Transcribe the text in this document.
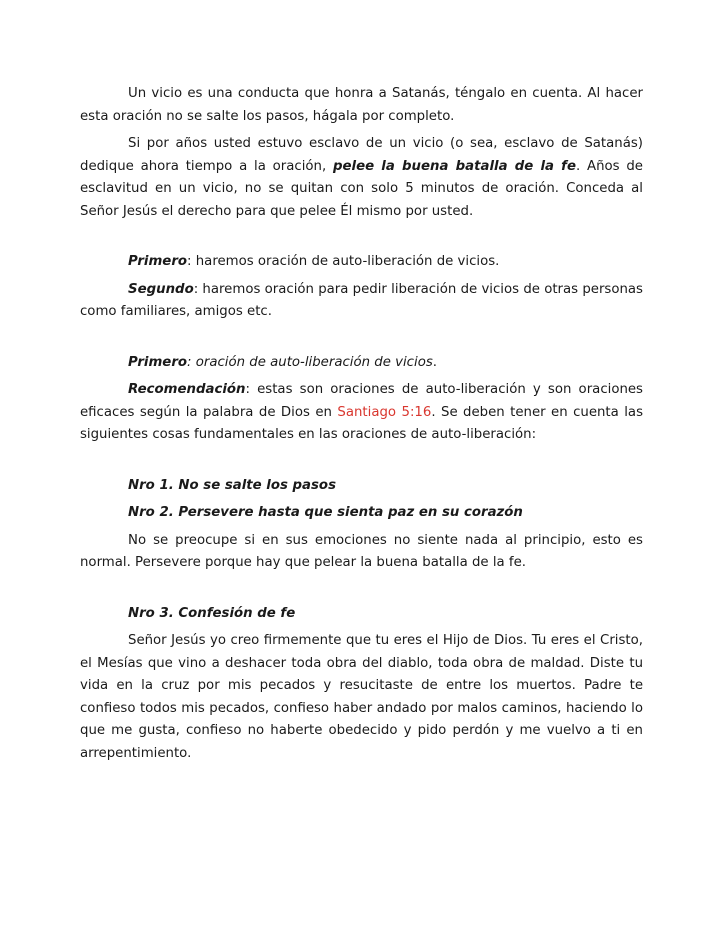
Un vicio es una conducta que honra a Satanás, téngalo en cuenta. Al hacer esta oración no se salte los pasos, hágala por completo.

Si por años usted estuvo esclavo de un vicio (o sea, esclavo de Satanás) dedique ahora tiempo a la oración, pelee la buena batalla de la fe. Años de esclavitud en un vicio, no se quitan con solo 5 minutos de oración. Conceda al Señor Jesús el derecho para que pelee Él mismo por usted.

Primero: haremos oración de auto-liberación de vicios.

Segundo: haremos oración para pedir liberación de vicios de otras personas como familiares, amigos etc.

Primero: oración de auto-liberación de vicios.

Recomendación: estas son oraciones de auto-liberación y son oraciones eficaces según la palabra de Dios en Santiago 5:16. Se deben tener en cuenta las siguientes cosas fundamentales en las oraciones de auto-liberación:

Nro 1. No se salte los pasos

Nro 2. Persevere hasta que sienta paz en su corazón

No se preocupe si en sus emociones no siente nada al principio, esto es normal. Persevere porque hay que pelear la buena batalla de la fe.

Nro 3. Confesión de fe

Señor Jesús yo creo firmemente que tu eres el Hijo de Dios. Tu eres el Cristo, el Mesías que vino a deshacer toda obra del diablo, toda obra de maldad. Diste tu vida en la cruz por mis pecados y resucitaste de entre los muertos. Padre te confieso todos mis pecados, confieso haber andado por malos caminos, haciendo lo que me gusta, confieso no haberte obedecido y pido perdón y me vuelvo a ti en arrepentimiento.
